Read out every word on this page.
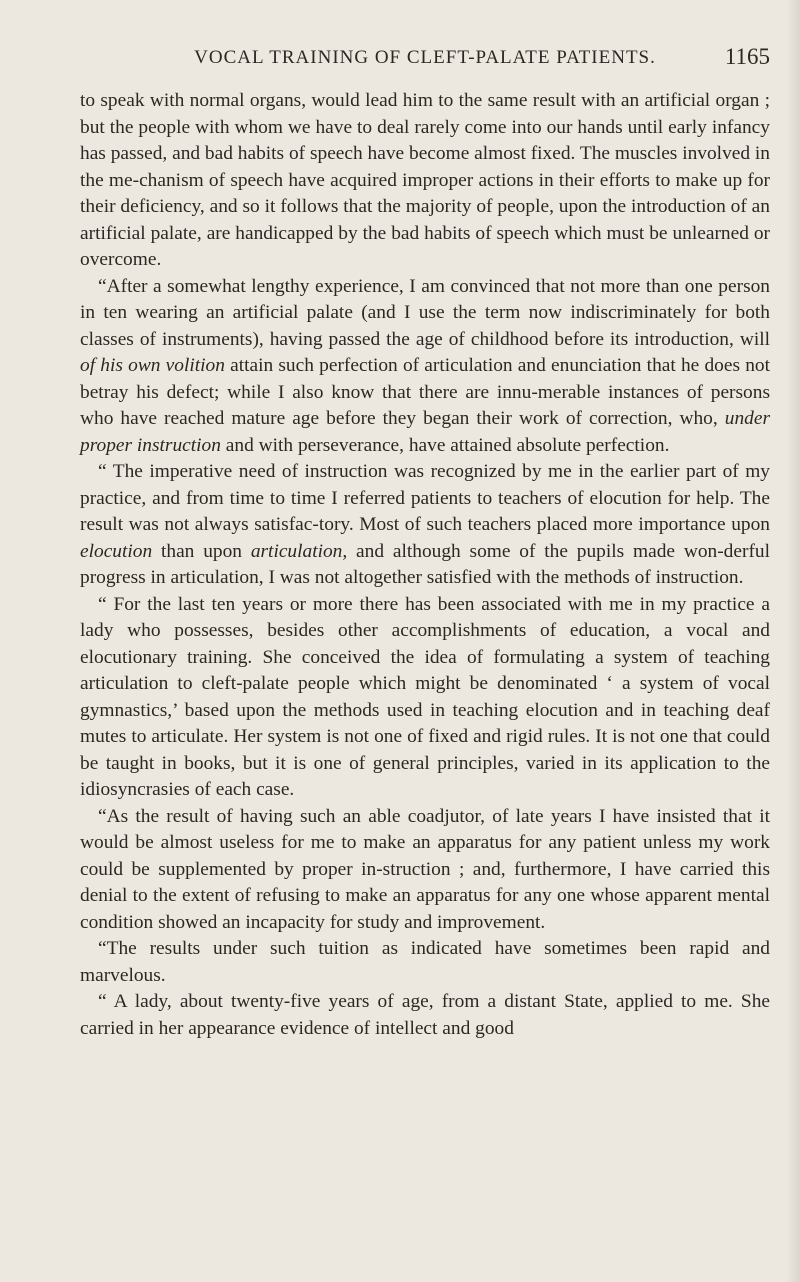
VOCAL TRAINING OF CLEFT-PALATE PATIENTS.	1165

to speak with normal organs, would lead him to the same result with an artificial organ ; but the people with whom we have to deal rarely come into our hands until early infancy has passed, and bad habits of speech have become almost fixed. The muscles involved in the me-chanism of speech have acquired improper actions in their efforts to make up for their deficiency, and so it follows that the majority of people, upon the introduction of an artificial palate, are handicapped by the bad habits of speech which must be unlearned or overcome.

“After a somewhat lengthy experience, I am convinced that not more than one person in ten wearing an artificial palate (and I use the term now indiscriminately for both classes of instruments), having passed the age of childhood before its introduction, will of his own volition attain such perfection of articulation and enunciation that he does not betray his defect; while I also know that there are innu-merable instances of persons who have reached mature age before they began their work of correction, who, under proper instruction and with perseverance, have attained absolute perfection.

“ The imperative need of instruction was recognized by me in the earlier part of my practice, and from time to time I referred patients to teachers of elocution for help. The result was not always satisfac-tory. Most of such teachers placed more importance upon elocution than upon articulation, and although some of the pupils made won-derful progress in articulation, I was not altogether satisfied with the methods of instruction.

“ For the last ten years or more there has been associated with me in my practice a lady who possesses, besides other accomplishments of education, a vocal and elocutionary training. She conceived the idea of formulating a system of teaching articulation to cleft-palate people which might be denominated ‘ a system of vocal gymnastics,’ based upon the methods used in teaching elocution and in teaching deaf mutes to articulate. Her system is not one of fixed and rigid rules. It is not one that could be taught in books, but it is one of general principles, varied in its application to the idiosyncrasies of each case.

“As the result of having such an able coadjutor, of late years I have insisted that it would be almost useless for me to make an apparatus for any patient unless my work could be supplemented by proper in-struction ; and, furthermore, I have carried this denial to the extent of refusing to make an apparatus for any one whose apparent mental condition showed an incapacity for study and improvement.

“The results under such tuition as indicated have sometimes been rapid and marvelous.

“ A lady, about twenty-five years of age, from a distant State, applied to me. She carried in her appearance evidence of intellect and good
